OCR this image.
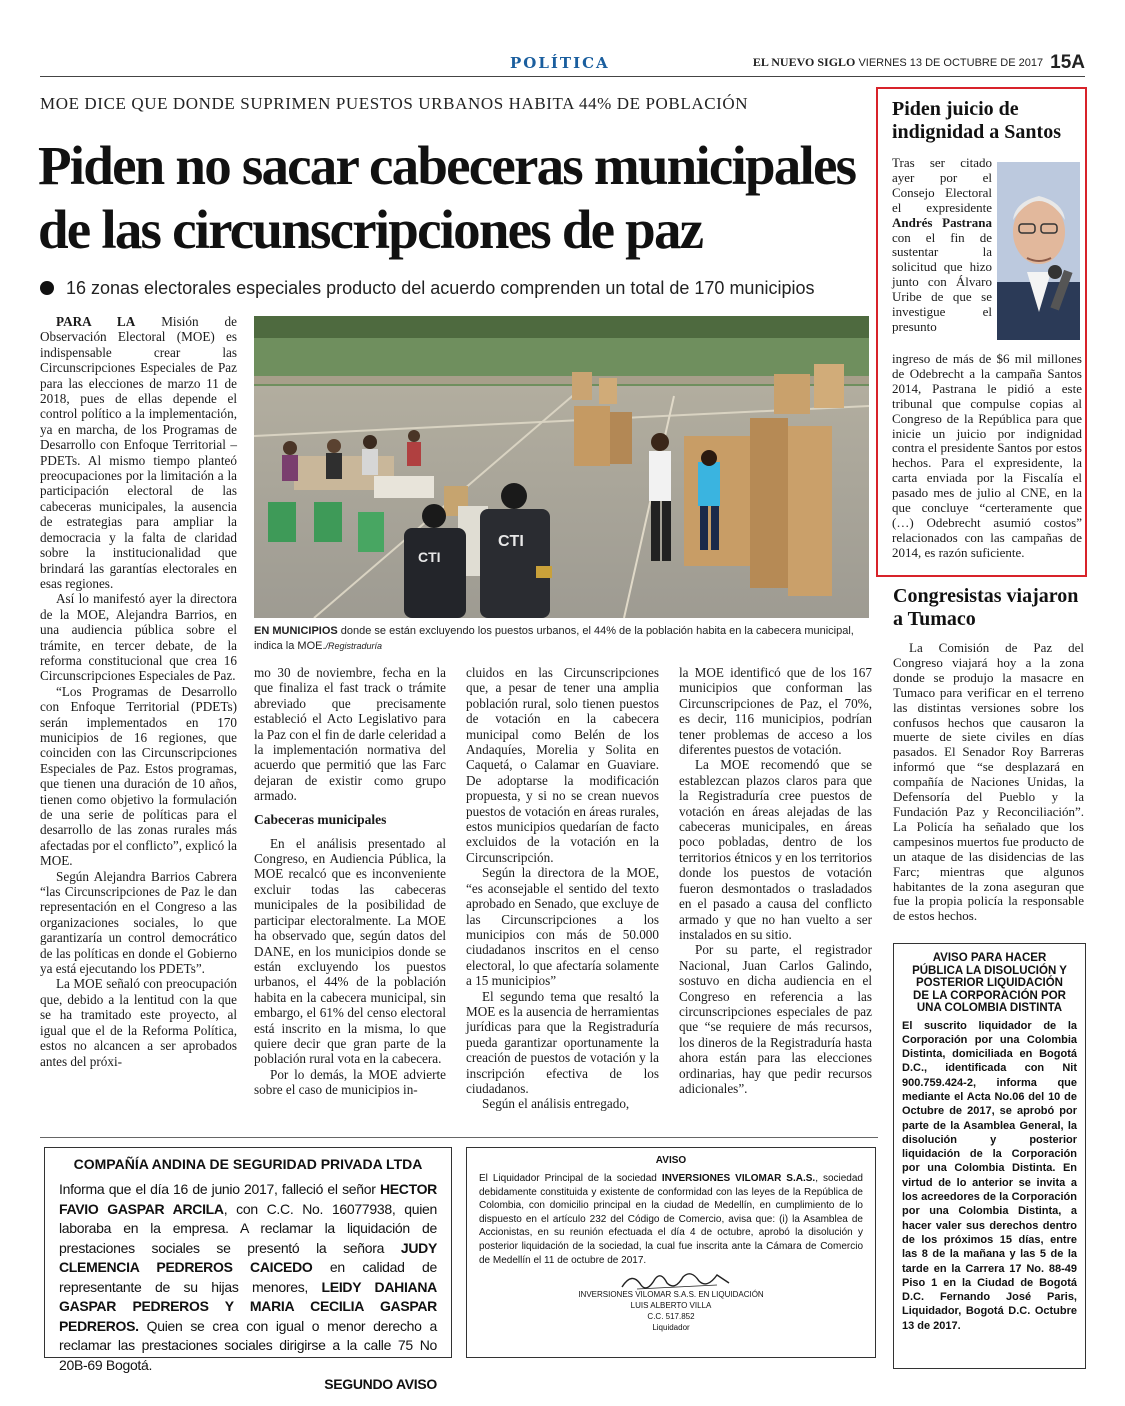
POLÍTICA	EL NUEVO SIGLO VIERNES 13 DE OCTUBRE DE 2017 15A
MOE DICE QUE DONDE SUPRIMEN PUESTOS URBANOS HABITA 44% DE POBLACIÓN
Piden no sacar cabeceras municipales
de las circunscripciones de paz
16 zonas electorales especiales producto del acuerdo comprenden un total de 170 municipios

PARA LA Misión de Observación Electoral (MOE) es indispensable crear las Circunscripciones Especiales de Paz para las elecciones de marzo 11 de 2018, pues de ellas depende el control político a la implementación, ya en marcha, de los Programas de Desarrollo con Enfoque Territorial – PDETs. Al mismo tiempo planteó preocupaciones por la limitación a la participación electoral de las cabeceras municipales, la ausencia de estrategias para ampliar la democracia y la falta de claridad sobre la institucionalidad que brindará las garantías electorales en esas regiones.

Así lo manifestó ayer la directora de la MOE, Alejandra Barrios, en una audiencia pública sobre el trámite, en tercer debate, de la reforma constitucional que crea 16 Circunscripciones Especiales de Paz.

“Los Programas de Desarrollo con Enfoque Territorial (PDETs) serán implementados en 170 municipios de 16 regiones, que coinciden con las Circunscripciones Especiales de Paz. Estos programas, que tienen una duración de 10 años, tienen como objetivo la formulación de una serie de políticas para el desarrollo de las zonas rurales más afectadas por el conflicto”, explicó la MOE.

Según Alejandra Barrios Cabrera “las Circunscripciones de Paz le dan representación en el Congreso a las organizaciones sociales, lo que garantizaría un control democrático de las políticas en donde el Gobierno ya está ejecutando los PDETs”.

La MOE señaló con preocupación que, debido a la lentitud con la que se ha tramitado este proyecto, al igual que el de la Reforma Política, estos no alcancen a ser aprobados antes del próxi-

CTI
CTI
EN MUNICIPIOS donde se están excluyendo los puestos urbanos, el 44% de la población habita en la cabecera municipal, indica la MOE./Registraduría

mo 30 de noviembre, fecha en la que finaliza el fast track o trámite abreviado que precisamente estableció el Acto Legislativo para la Paz con el fin de darle celeridad a la implementación normativa del acuerdo que permitió que las Farc dejaran de existir como grupo armado.

Cabeceras municipales

En el análisis presentado al Congreso, en Audiencia Pública, la MOE recalcó que es inconveniente excluir todas las cabeceras municipales de la posibilidad de participar electoralmente. La MOE ha observado que, según datos del DANE, en los municipios donde se están excluyendo los puestos urbanos, el 44% de la población habita en la cabecera municipal, sin embargo, el 61% del censo electoral está inscrito en la misma, lo que quiere decir que gran parte de la población rural vota en la cabecera.

Por lo demás, la MOE advierte sobre el caso de municipios in-

cluidos en las Circunscripciones que, a pesar de tener una amplia población rural, solo tienen puestos de votación en la cabecera municipal como Belén de los Andaquíes, Morelia y Solita en Caquetá, o Calamar en Guaviare. De adoptarse la modificación propuesta, y si no se crean nuevos puestos de votación en áreas rurales, estos municipios quedarían de facto excluidos de la votación en la Circunscripción.

Según la directora de la MOE, “es aconsejable el sentido del texto aprobado en Senado, que excluye de las Circunscripciones a los municipios con más de 50.000 ciudadanos inscritos en el censo electoral, lo que afectaría solamente a 15 municipios”

El segundo tema que resaltó la MOE es la ausencia de herramientas jurídicas para que la Registraduría pueda garantizar oportunamente la creación de puestos de votación y la inscripción efectiva de los ciudadanos.

Según el análisis entregado,

la MOE identificó que de los 167 municipios que conforman las Circunscripciones de Paz, el 70%, es decir, 116 municipios, podrían tener problemas de acceso a los diferentes puestos de votación.

La MOE recomendó que se establezcan plazos claros para que la Registraduría cree puestos de votación en áreas alejadas de las cabeceras municipales, en áreas poco pobladas, dentro de los territorios étnicos y en los territorios donde los puestos de votación fueron desmontados o trasladados en el pasado a causa del conflicto armado y que no han vuelto a ser instalados en su sitio.

Por su parte, el registrador Nacional, Juan Carlos Galindo, sostuvo en dicha audiencia en el Congreso en referencia a las circunscripciones especiales de paz que “se requiere de más recursos, los dineros de la Registraduría hasta ahora están para las elecciones ordinarias, hay que pedir recursos adicionales”.

Piden juicio de indignidad a Santos
Tras ser citado ayer por el Consejo Electoral el expresidente Andrés Pastrana con el fin de sustentar la solicitud que hizo junto con Álvaro Uribe de que se investigue el presunto
ingreso de más de $6 mil millones de Odebrecht a la campaña Santos 2014, Pastrana le pidió a este tribunal que compulse copias al Congreso de la República para que inicie un juicio por indignidad contra el presidente Santos por estos hechos. Para el expresidente, la carta enviada por la Fiscalía el pasado mes de julio al CNE, en la que concluye “certeramente que (…) Odebrecht asumió costos” relacionados con las campañas de 2014, es razón suficiente.
Congresistas viajaron a Tumaco
La Comisión de Paz del Congreso viajará hoy a la zona donde se produjo la masacre en Tumaco para verificar en el terreno las distintas versiones sobre los confusos hechos que causaron la muerte de siete civiles en días pasados. El Senador Roy Barreras informó que “se desplazará en compañía de Naciones Unidas, la Defensoría del Pueblo y la Fundación Paz y Reconciliación”. La Policía ha señalado que los campesinos muertos fue producto de un ataque de las disidencias de las Farc; mientras que algunos habitantes de la zona aseguran que fue la propia policía la responsable de estos hechos.
AVISO PARA HACER PÚBLICA LA DISOLUCIÓN Y POSTERIOR LIQUIDACIÓN DE LA CORPORACIÓN POR UNA COLOMBIA DISTINTA
El suscrito liquidador de la Corporación por una Colombia Distinta, domiciliada en Bogotá D.C., identificada con Nit 900.759.424-2, informa que mediante el Acta No.06 del 10 de Octubre de 2017, se aprobó por parte de la Asamblea General, la disolución y posterior liquidación de la Corporación por una Colombia Distinta. En virtud de lo anterior se invita a los acreedores de la Corporación por una Colombia Distinta, a hacer valer sus derechos dentro de los próximos 15 días, entre las 8 de la mañana y las 5 de la tarde en la Carrera 17 No. 88-49 Piso 1 en la Ciudad de Bogotá D.C. Fernando José Paris, Liquidador, Bogotá D.C. Octubre 13 de 2017.
COMPAÑÍA ANDINA DE SEGURIDAD PRIVADA LTDA
Informa que el día 16 de junio 2017, falleció el señor HECTOR FAVIO GASPAR ARCILA, con C.C. No. 16077938, quien laboraba en la empresa. A reclamar la liquidación de prestaciones sociales se presentó la señora JUDY CLEMENCIA PEDREROS CAICEDO en calidad de representante de su hijas menores, LEIDY DAHIANA GASPAR PEDREROS Y MARIA CECILIA GASPAR PEDREROS. Quien se crea con igual o menor derecho a reclamar las prestaciones sociales dirigirse a la calle 75 No 20B-69 Bogotá.
SEGUNDO AVISO
AVISO
El Liquidador Principal de la sociedad INVERSIONES VILOMAR S.A.S., sociedad debidamente constituida y existente de conformidad con las leyes de la República de Colombia, con domicilio principal en la ciudad de Medellín, en cumplimiento de lo dispuesto en el artículo 232 del Código de Comercio, avisa que: (i) la Asamblea de Accionistas, en su reunión efectuada el día 4 de octubre, aprobó la disolución y posterior liquidación de la sociedad, la cual fue inscrita ante la Cámara de Comercio de Medellín el 11 de octubre de 2017.
INVERSIONES VILOMAR S.A.S. EN LIQUIDACIÓN
LUIS ALBERTO VILLA
C.C. 517.852
Liquidador
